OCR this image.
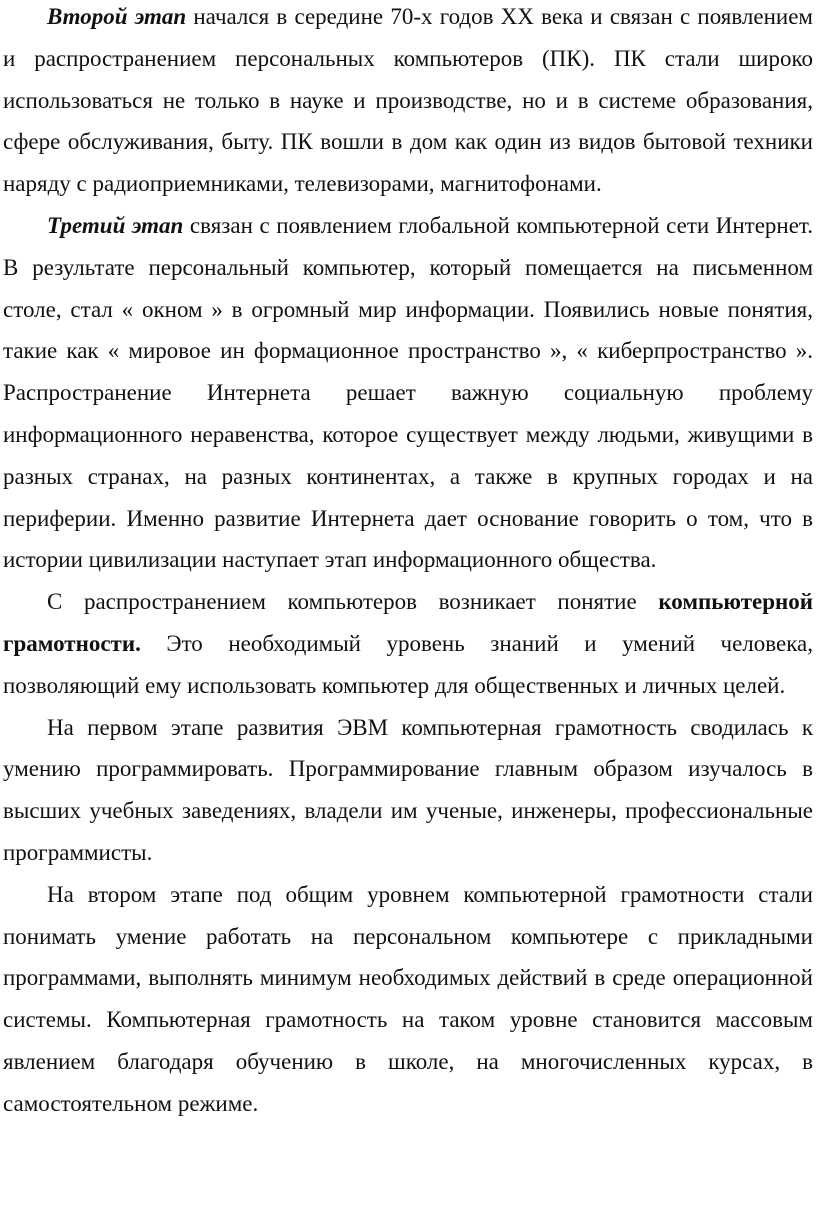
Второй этап начался в середине 70-х годов XX века и связан с появлением и распространением персональных компьютеров (ПК). ПК стали широко использоваться не только в науке и производстве, но и в системе образования, сфере обслуживания, быту. ПК вошли в дом как один из видов бытовой техники наряду с радиоприемниками, телевизорами, магнитофонами.

Третий этап связан с появлением глобальной компьютерной сети Интернет. В результате персональный компьютер, который помещается на письменном столе, стал « окном » в огромный мир информации. Появились новые понятия, такие как « мировое ин формационное пространство », « киберпространство ». Распространение Интернета решает важную социальную проблему информационного неравенства, которое существует между людьми, живущими в разных странах, на разных континентах, а также в крупных городах и на периферии. Именно развитие Интернета дает основание говорить о том, что в истории цивилизации наступает этап информационного общества.

С распространением компьютеров возникает понятие компьютерной грамотности. Это необходимый уровень знаний и умений человека, позволяющий ему использовать компьютер для общественных и личных целей.

На первом этапе развития ЭВМ компьютерная грамотность сводилась к умению программировать. Программирование главным образом изучалось в высших учебных заведениях, владели им ученые, инженеры, профессиональные программисты.

На втором этапе под общим уровнем компьютерной грамотности стали понимать умение работать на персональном компьютере с прикладными программами, выполнять минимум необходимых действий в среде операционной системы. Компьютерная грамотность на таком уровне становится массовым явлением благодаря обучению в школе, на многочисленных курсах, в самостоятельном режиме.
